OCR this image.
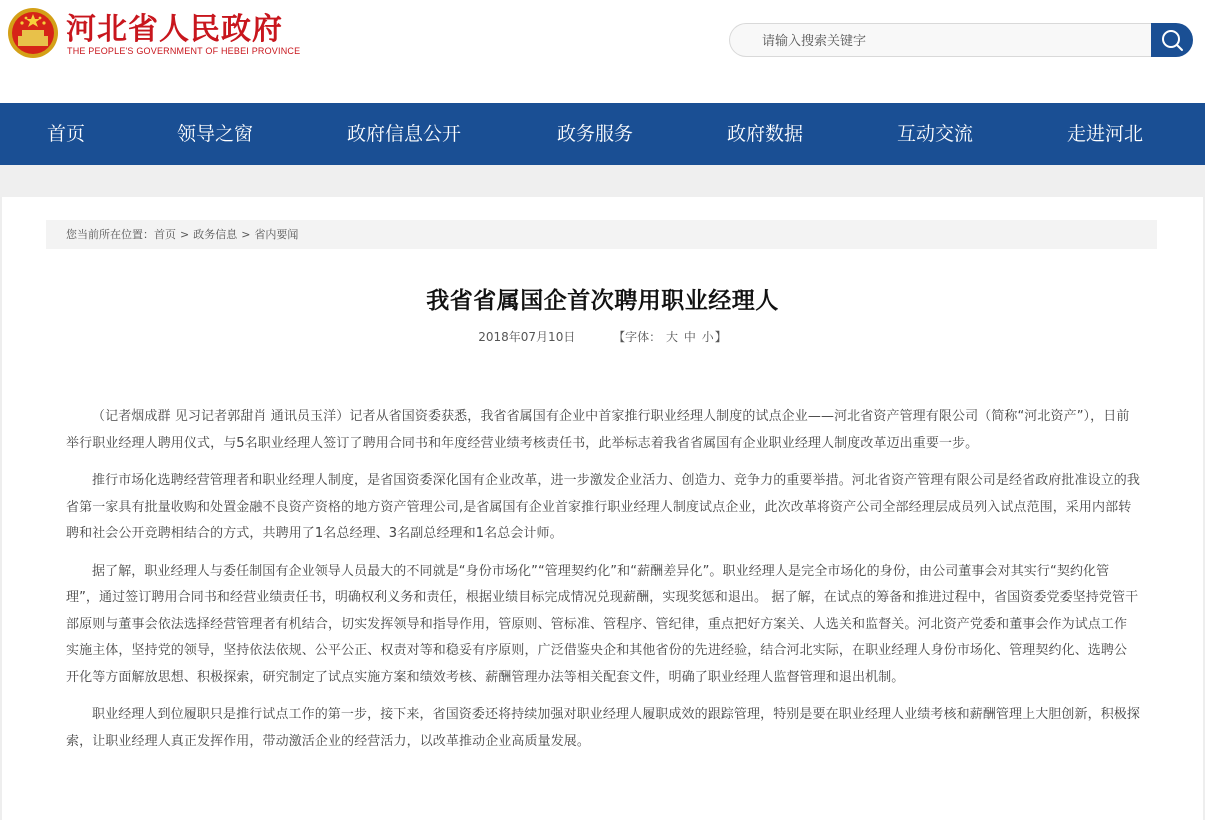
河北省人民政府
THE PEOPLE'S GOVERNMENT OF HEBEI PROVINCE
请输入搜索关键字
首页	领导之窗	政府信息公开	政务服务	政府数据	互动交流	走进河北
您当前所在位置：首页 > 政务信息 > 省内要闻
我省省属国企首次聘用职业经理人
2018年07月10日	【字体： 大 中 小】

（记者烟成群 见习记者郭甜肖 通讯员玉洋）记者从省国资委获悉，我省省属国有企业中首家推行职业经理人制度的试点企业——河北省资产管理有限公司（简称“河北资产”），日前举行职业经理人聘用仪式，与5名职业经理人签订了聘用合同书和年度经营业绩考核责任书，此举标志着我省省属国有企业职业经理人制度改革迈出重要一步。

推行市场化选聘经营管理者和职业经理人制度，是省国资委深化国有企业改革，进一步激发企业活力、创造力、竞争力的重要举措。河北省资产管理有限公司是经省政府批准设立的我省第一家具有批量收购和处置金融不良资产资格的地方资产管理公司,是省属国有企业首家推行职业经理人制度试点企业，此次改革将资产公司全部经理层成员列入试点范围，采用内部转聘和社会公开竞聘相结合的方式，共聘用了1名总经理、3名副总经理和1名总会计师。

据了解，职业经理人与委任制国有企业领导人员最大的不同就是“身份市场化”“管理契约化”和“薪酬差异化”。职业经理人是完全市场化的身份，由公司董事会对其实行“契约化管理”，通过签订聘用合同书和经营业绩责任书，明确权利义务和责任，根据业绩目标完成情况兑现薪酬，实现奖惩和退出。 据了解，在试点的筹备和推进过程中，省国资委党委坚持党管干部原则与董事会依法选择经营管理者有机结合，切实发挥领导和指导作用，管原则、管标准、管程序、管纪律，重点把好方案关、人选关和监督关。河北资产党委和董事会作为试点工作实施主体，坚持党的领导，坚持依法依规、公平公正、权责对等和稳妥有序原则，广泛借鉴央企和其他省份的先进经验，结合河北实际，在职业经理人身份市场化、管理契约化、选聘公开化等方面解放思想、积极探索，研究制定了试点实施方案和绩效考核、薪酬管理办法等相关配套文件，明确了职业经理人监督管理和退出机制。

职业经理人到位履职只是推行试点工作的第一步，接下来，省国资委还将持续加强对职业经理人履职成效的跟踪管理，特别是要在职业经理人业绩考核和薪酬管理上大胆创新，积极探索，让职业经理人真正发挥作用，带动激活企业的经营活力，以改革推动企业高质量发展。
